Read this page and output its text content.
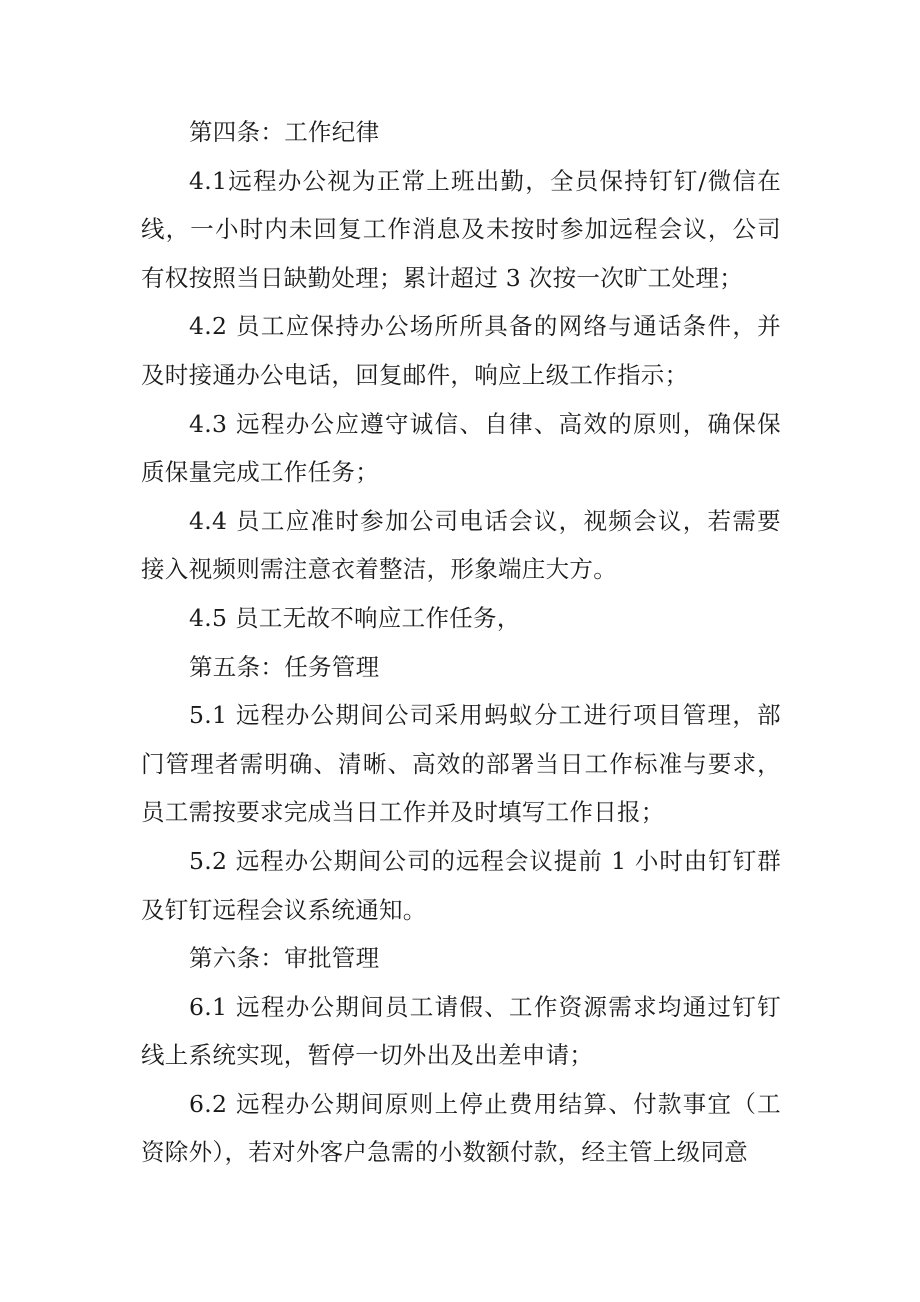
第四条：工作纪律

4.1远程办公视为正常上班出勤，全员保持钉钉/微信在线，一小时内未回复工作消息及未按时参加远程会议，公司有权按照当日缺勤处理；累计超过 3 次按一次旷工处理；

4.2 员工应保持办公场所所具备的网络与通话条件，并及时接通办公电话，回复邮件，响应上级工作指示；

4.3 远程办公应遵守诚信、自律、高效的原则，确保保质保量完成工作任务；

4.4 员工应准时参加公司电话会议，视频会议，若需要接入视频则需注意衣着整洁，形象端庄大方。

4.5 员工无故不响应工作任务，

第五条：任务管理

5.1 远程办公期间公司采用蚂蚁分工进行项目管理，部门管理者需明确、清晰、高效的部署当日工作标准与要求，员工需按要求完成当日工作并及时填写工作日报；

5.2 远程办公期间公司的远程会议提前 1 小时由钉钉群及钉钉远程会议系统通知。

第六条：审批管理

6.1 远程办公期间员工请假、工作资源需求均通过钉钉线上系统实现，暂停一切外出及出差申请；

6.2 远程办公期间原则上停止费用结算、付款事宜（工资除外），若对外客户急需的小数额付款，经主管上级同意
